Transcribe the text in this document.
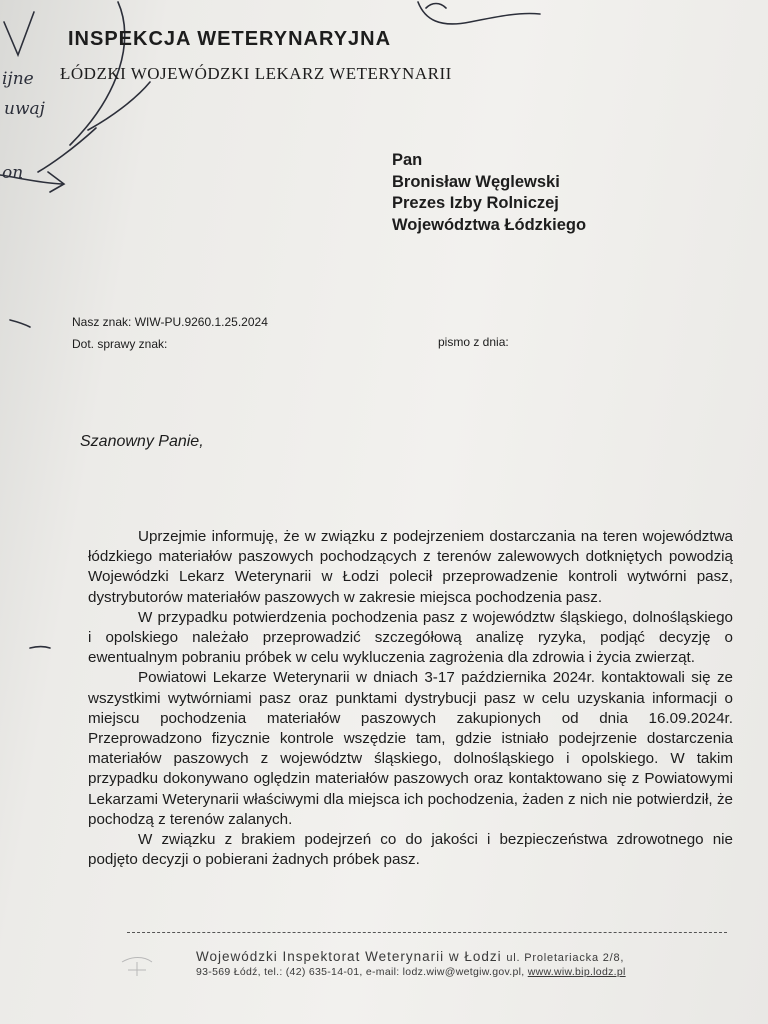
ijne
uwaj
on
INSPEKCJA WETERYNARYJNA
ŁÓDZKI WOJEWÓDZKI LEKARZ WETERYNARII
Pan
Bronisław Węglewski
Prezes Izby Rolniczej
Województwa Łódzkiego
Nasz znak: WIW-PU.9260.1.25.2024
Dot. sprawy znak:	pismo z dnia:
Szanowny Panie,

Uprzejmie informuję, że w związku z podejrzeniem dostarczania na teren województwa łódzkiego materiałów paszowych pochodzących z terenów zalewowych dotkniętych powodzią Wojewódzki Lekarz Weterynarii w Łodzi polecił przeprowadzenie kontroli wytwórni pasz, dystrybutorów materiałów paszowych w zakresie miejsca pochodzenia pasz.

W przypadku potwierdzenia pochodzenia pasz z województw śląskiego, dolnośląskiego i opolskiego należało przeprowadzić szczegółową analizę ryzyka, podjąć decyzję o ewentualnym pobraniu próbek w celu wykluczenia zagrożenia dla zdrowia i życia zwierząt.

Powiatowi Lekarze Weterynarii w dniach 3-17 października 2024r. kontaktowali się ze wszystkimi wytwórniami pasz oraz punktami dystrybucji pasz w celu uzyskania informacji o miejscu pochodzenia materiałów paszowych zakupionych od dnia 16.09.2024r. Przeprowadzono fizycznie kontrole wszędzie tam, gdzie istniało podejrzenie dostarczenia materiałów paszowych z województw śląskiego, dolnośląskiego i opolskiego. W takim przypadku dokonywano oględzin materiałów paszowych oraz kontaktowano się z Powiatowymi Lekarzami Weterynarii właściwymi dla miejsca ich pochodzenia, żaden z nich nie potwierdził, że pochodzą z terenów zalanych.

W związku z brakiem podejrzeń co do jakości i bezpieczeństwa zdrowotnego nie podjęto decyzji o pobierani żadnych próbek pasz.

Wojewódzki Inspektorat Weterynarii w Łodzi ul. Proletariacka 2/8,
93-569 Łódź, tel.: (42) 635-14-01, e-mail: lodz.wiw@wetgiw.gov.pl, www.wiw.bip.lodz.pl
